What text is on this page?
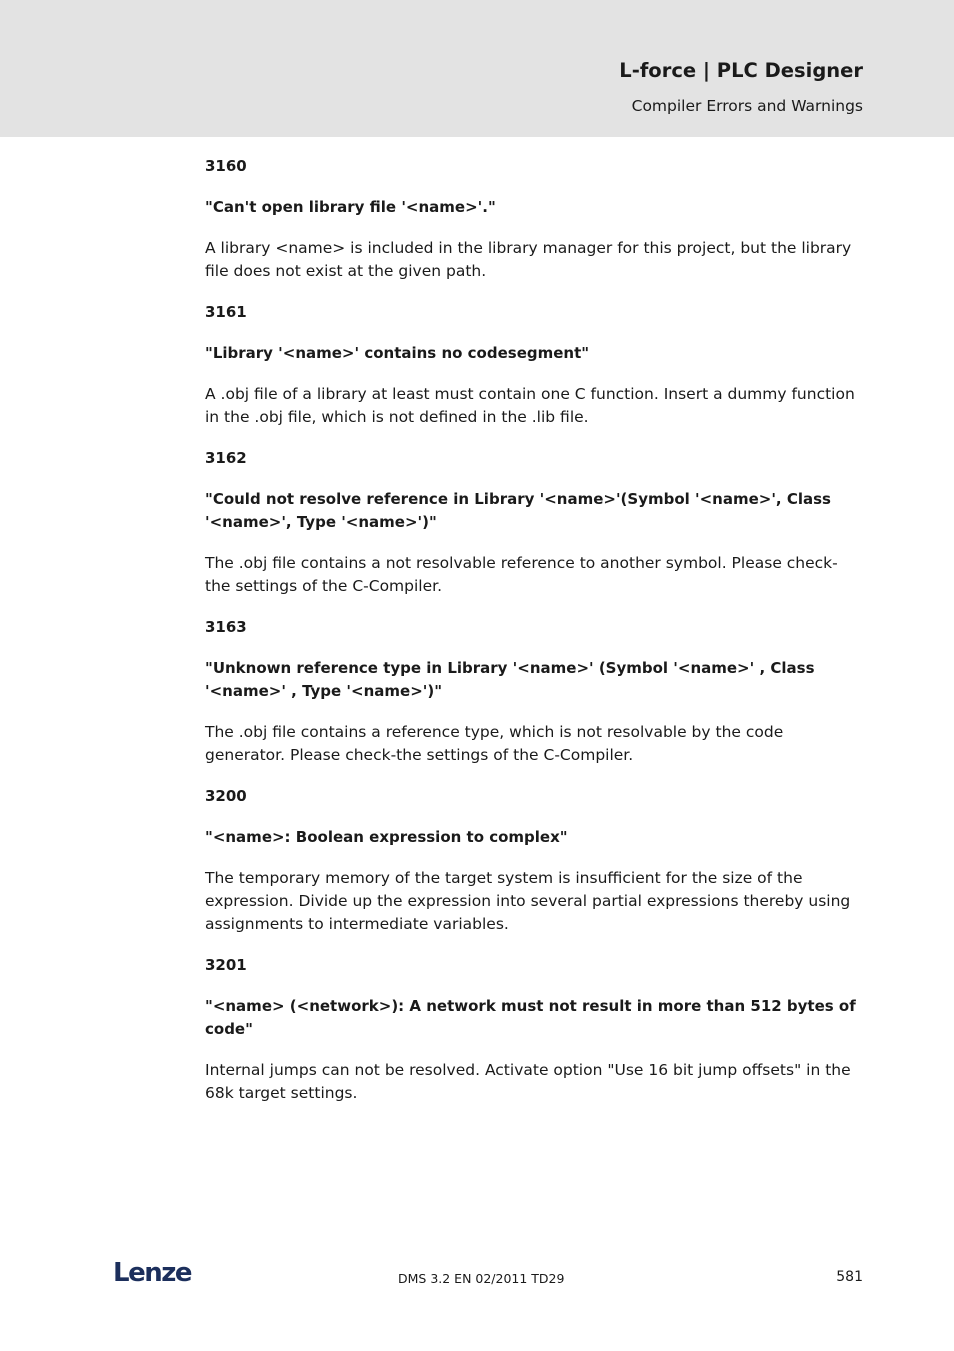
L-force | PLC Designer
Compiler Errors and Warnings

3160

"Can't open library file '<name>'."

A library <name> is included in the library manager for this project, but the library file does not exist at the given path.

3161

"Library '<name>' contains no codesegment"

A .obj file of a library at least must contain one C function. Insert a dummy function in the .obj file, which is not defined in the .lib file.

3162

"Could not resolve reference in Library '<name>'(Symbol '<name>', Class '<name>', Type '<name>')"

The .obj file contains a not resolvable reference to another symbol. Please check-the settings of the C-Compiler.

3163

"Unknown reference type in Library '<name>' (Symbol '<name>' , Class '<name>' , Type '<name>')"

The .obj file contains a reference type, which is not resolvable by the code generator. Please check-the settings of the C-Compiler.

3200

"<name>: Boolean expression to complex"

The temporary memory of the target system is insufficient for the size of the expression. Divide up the expression into several partial expressions thereby using assignments to intermediate variables.

3201

"<name> (<network>): A network must not result in more than 512 bytes of code"

Internal jumps can not be resolved. Activate option "Use 16 bit jump offsets" in the 68k target settings.

Lenze	DMS 3.2 EN 02/2011 TD29	581
